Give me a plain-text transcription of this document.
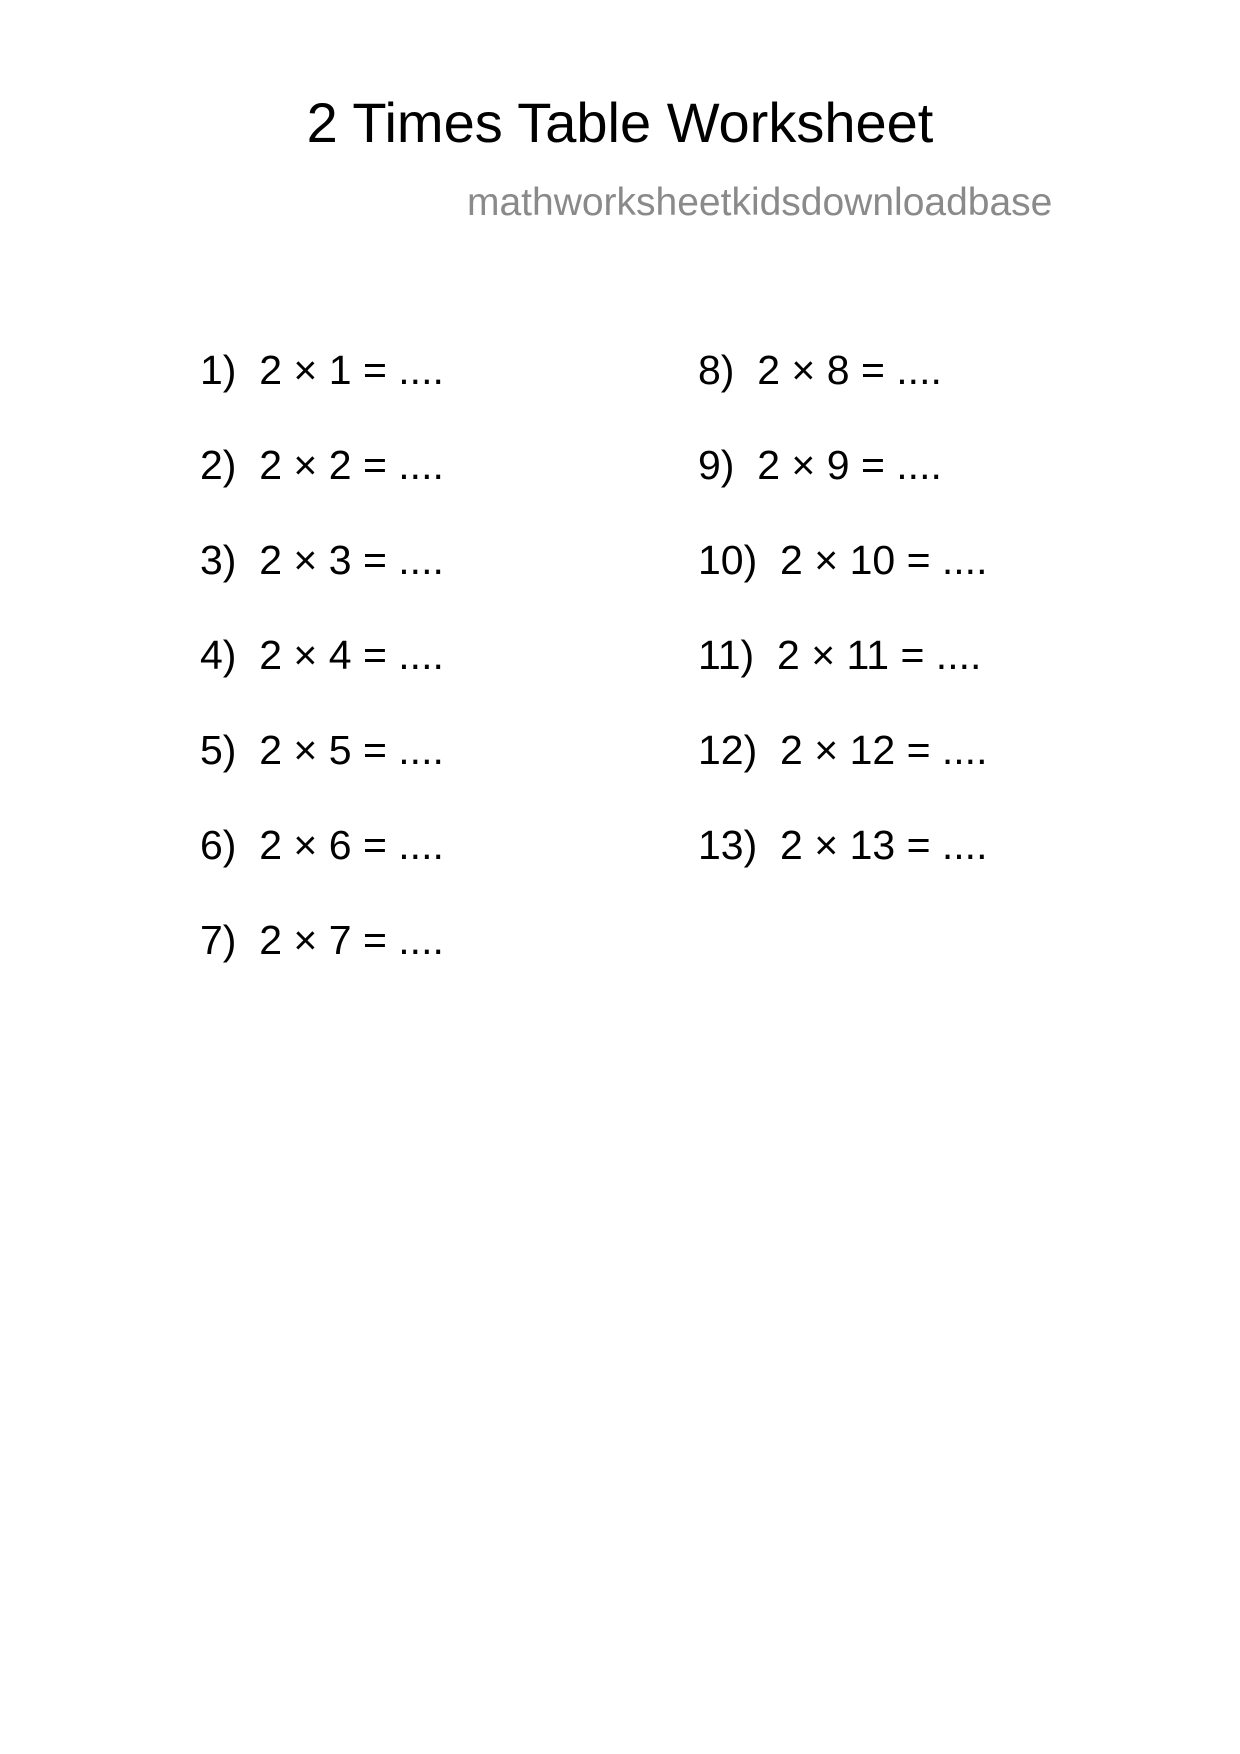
2 Times Table Worksheet
mathworksheetkidsdownloadbase
1)  2 × 1 = ....
2)  2 × 2 = ....
3)  2 × 3 = ....
4)  2 × 4 = ....
5)  2 × 5 = ....
6)  2 × 6 = ....
7)  2 × 7 = ....
8)  2 × 8 = ....
9)  2 × 9 = ....
10)  2 × 10 = ....
11)  2 × 11 = ....
12)  2 × 12 = ....
13)  2 × 13 = ....
